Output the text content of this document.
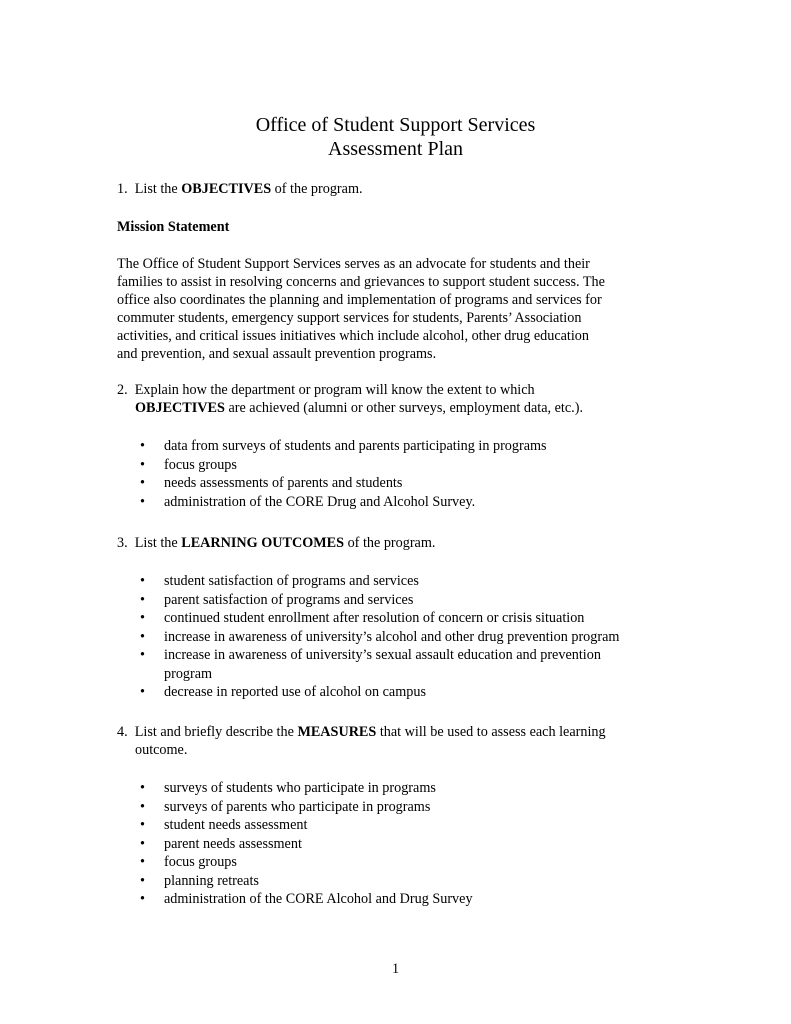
Office of Student Support Services
Assessment Plan
1. List the OBJECTIVES of the program.
Mission Statement
The Office of Student Support Services serves as an advocate for students and their
families to assist in resolving concerns and grievances to support student success. The
office also coordinates the planning and implementation of programs and services for
commuter students, emergency support services for students, Parents’ Association
activities, and critical issues initiatives which include alcohol, other drug education
and prevention, and sexual assault prevention programs.
2. Explain how the department or program will know the extent to which
OBJECTIVES are achieved (alumni or other surveys, employment data, etc.).
• data from surveys of students and parents participating in programs
• focus groups
• needs assessments of parents and students
• administration of the CORE Drug and Alcohol Survey.
3. List the LEARNING OUTCOMES of the program.
• student satisfaction of programs and services
• parent satisfaction of programs and services
• continued student enrollment after resolution of concern or crisis situation
• increase in awareness of university’s alcohol and other drug prevention program
• increase in awareness of university’s sexual assault education and prevention
program
• decrease in reported use of alcohol on campus
4. List and briefly describe the MEASURES that will be used to assess each learning
outcome.
• surveys of students who participate in programs
• surveys of parents who participate in programs
• student needs assessment
• parent needs assessment
• focus groups
• planning retreats
• administration of the CORE Alcohol and Drug Survey
1
